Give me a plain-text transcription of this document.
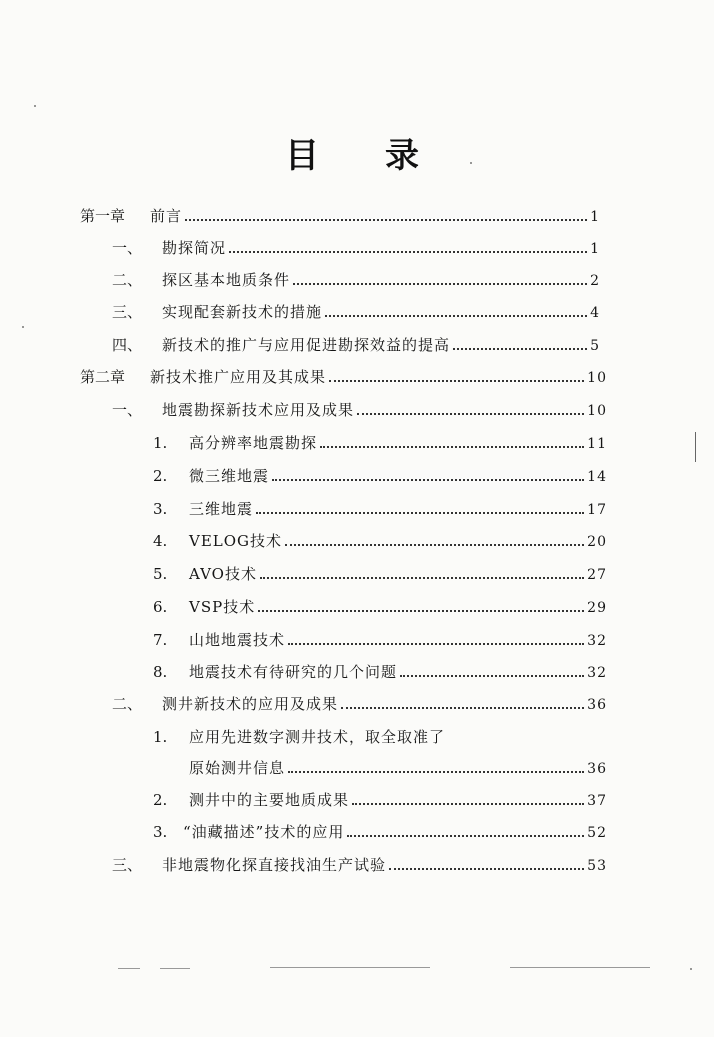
目 录
第一章	前言	1
一、	勘探简况	1
二、	探区基本地质条件	2
三、	实现配套新技术的措施	4
四、	新技术的推广与应用促进勘探效益的提高	5
第二章	新技术推广应用及其成果	10
一、	地震勘探新技术应用及成果	10
1.	高分辨率地震勘探	11
2.	微三维地震	14
3.	三维地震	17
4.	VELOG技术	20
5.	AVO技术	27
6.	VSP技术	29
7.	山地地震技术	32
8.	地震技术有待研究的几个问题	32
二、	测井新技术的应用及成果	36
1.	应用先进数字测井技术，取全取准了
原始测井信息	36
2.	测井中的主要地质成果	37
3.	“油藏描述”技术的应用	52
三、	非地震物化探直接找油生产试验	53
